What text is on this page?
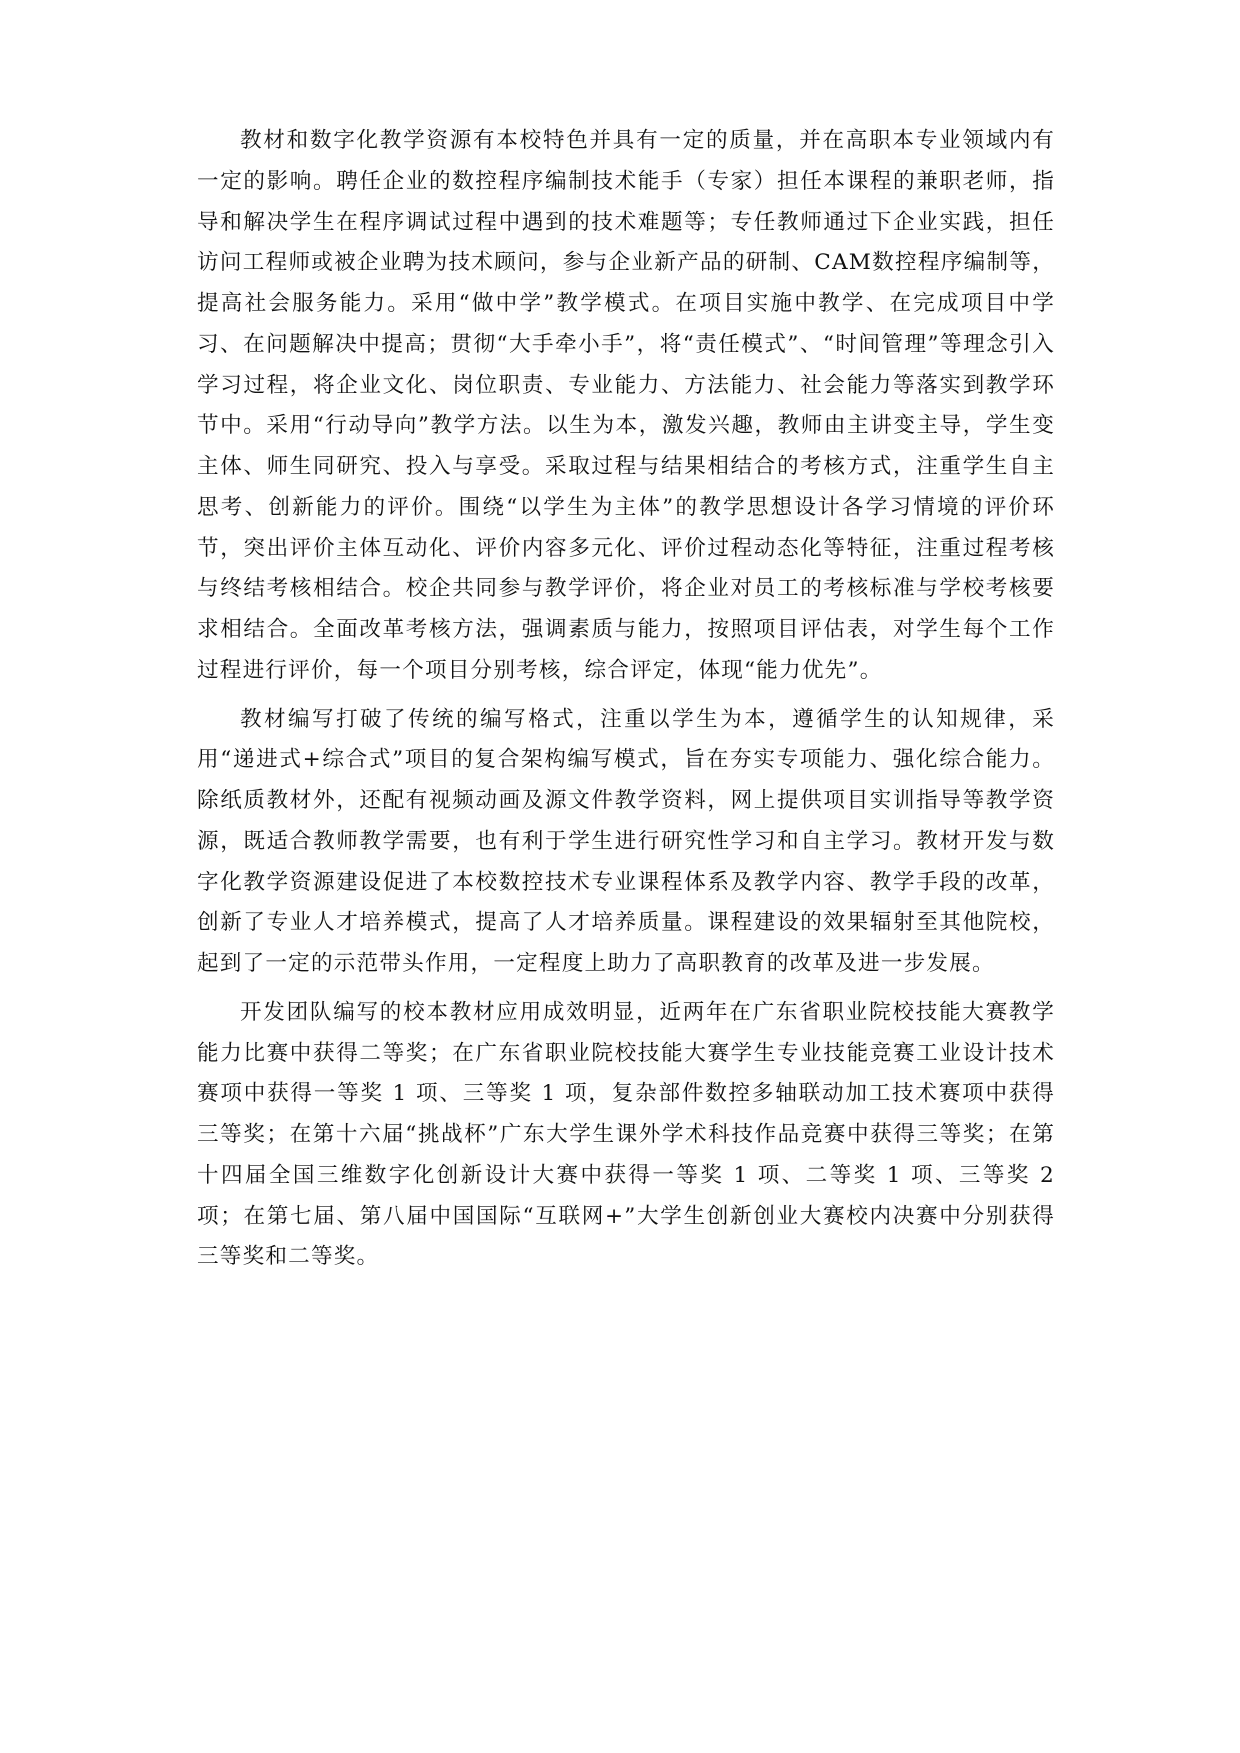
教材和数字化教学资源有本校特色并具有一定的质量，并在高职本专业领域内有一定的影响。聘任企业的数控程序编制技术能手（专家）担任本课程的兼职老师，指导和解决学生在程序调试过程中遇到的技术难题等；专任教师通过下企业实践，担任访问工程师或被企业聘为技术顾问，参与企业新产品的研制、CAM数控程序编制等，提高社会服务能力。采用“做中学”教学模式。在项目实施中教学、在完成项目中学习、在问题解决中提高；贯彻“大手牵小手”，将“责任模式”、“时间管理”等理念引入学习过程，将企业文化、岗位职责、专业能力、方法能力、社会能力等落实到教学环节中。采用“行动导向”教学方法。以生为本，激发兴趣，教师由主讲变主导，学生变主体、师生同研究、投入与享受。采取过程与结果相结合的考核方式，注重学生自主思考、创新能力的评价。围绕“以学生为主体”的教学思想设计各学习情境的评价环节，突出评价主体互动化、评价内容多元化、评价过程动态化等特征，注重过程考核与终结考核相结合。校企共同参与教学评价，将企业对员工的考核标准与学校考核要求相结合。全面改革考核方法，强调素质与能力，按照项目评估表，对学生每个工作过程进行评价，每一个项目分别考核，综合评定，体现“能力优先”。

教材编写打破了传统的编写格式，注重以学生为本，遵循学生的认知规律，采用“递进式+综合式”项目的复合架构编写模式，旨在夯实专项能力、强化综合能力。除纸质教材外，还配有视频动画及源文件教学资料，网上提供项目实训指导等教学资源，既适合教师教学需要，也有利于学生进行研究性学习和自主学习。教材开发与数字化教学资源建设促进了本校数控技术专业课程体系及教学内容、教学手段的改革，创新了专业人才培养模式，提高了人才培养质量。课程建设的效果辐射至其他院校，起到了一定的示范带头作用，一定程度上助力了高职教育的改革及进一步发展。

开发团队编写的校本教材应用成效明显，近两年在广东省职业院校技能大赛教学能力比赛中获得二等奖；在广东省职业院校技能大赛学生专业技能竞赛工业设计技术赛项中获得一等奖 1 项、三等奖 1 项，复杂部件数控多轴联动加工技术赛项中获得三等奖；在第十六届“挑战杯”广东大学生课外学术科技作品竞赛中获得三等奖；在第十四届全国三维数字化创新设计大赛中获得一等奖 1 项、二等奖 1 项、三等奖 2 项；在第七届、第八届中国国际“互联网+”大学生创新创业大赛校内决赛中分别获得三等奖和二等奖。
